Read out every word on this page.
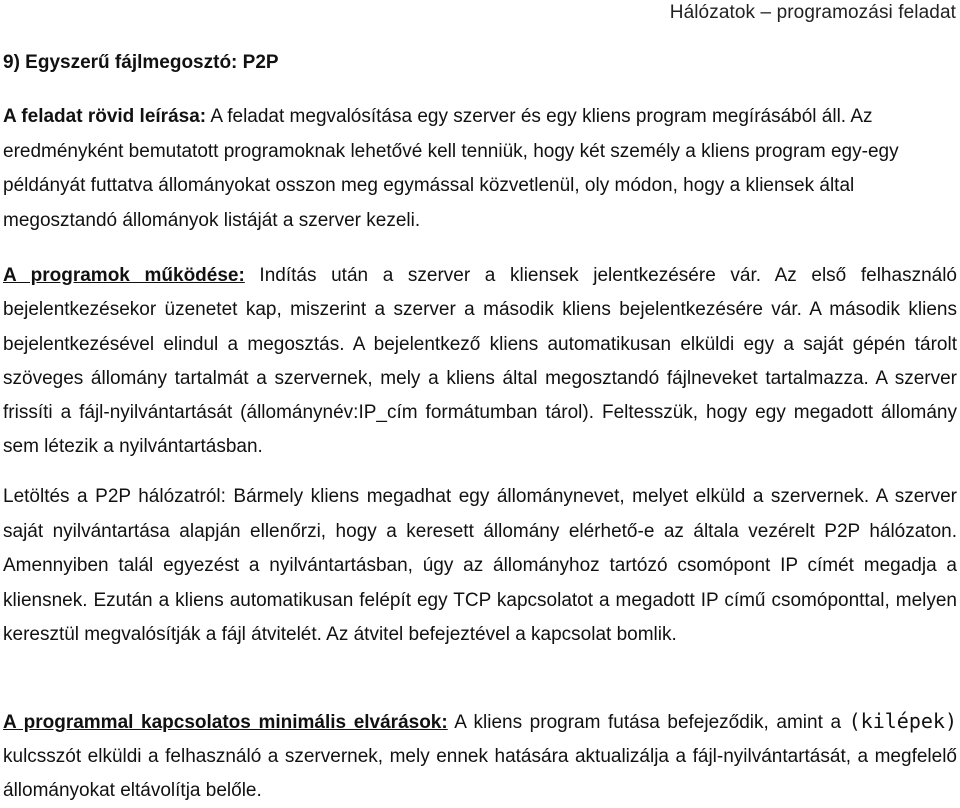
Hálózatok – programozási feladat
9) Egyszerű fájlmegosztó: P2P
A feladat rövid leírása: A feladat megvalósítása egy szerver és egy kliens program megírásából áll. Az eredményként bemutatott programoknak lehetővé kell tenniük, hogy két személy a kliens program egy-egy példányát futtatva állományokat osszon meg egymással közvetlenül, oly módon, hogy a kliensek által megosztandó állományok listáját a szerver kezeli.
A programok működése: Indítás után a szerver a kliensek jelentkezésére vár. Az első felhasználó bejelentkezésekor üzenetet kap, miszerint a szerver a második kliens bejelentkezésére vár. A második kliens bejelentkezésével elindul a megosztás. A bejelentkező kliens automatikusan elküldi egy a saját gépén tárolt szöveges állomány tartalmát a szervernek, mely a kliens által megosztandó fájlneveket tartalmazza. A szerver frissíti a fájl-nyilvántartását (állománynév:IP_cím formátumban tárol). Feltesszük, hogy egy megadott állomány sem létezik a nyilvántartásban.
Letöltés a P2P hálózatról: Bármely kliens megadhat egy állománynevet, melyet elküld a szervernek. A szerver saját nyilvántartása alapján ellenőrzi, hogy a keresett állomány elérhető-e az általa vezérelt P2P hálózaton. Amennyiben talál egyezést a nyilvántartásban, úgy az állományhoz tartózó csomópont IP címét megadja a kliensnek. Ezután a kliens automatikusan felépít egy TCP kapcsolatot a megadott IP című csomóponttal, melyen keresztül megvalósítják a fájl átvitelét. Az átvitel befejeztével a kapcsolat bomlik.
A programmal kapcsolatos minimális elvárások: A kliens program futása befejeződik, amint a (kilépek) kulcsszót elküldi a felhasználó a szervernek, mely ennek hatására aktualizálja a fájl-nyilvántartását, a megfelelő állományokat eltávolítja belőle.
